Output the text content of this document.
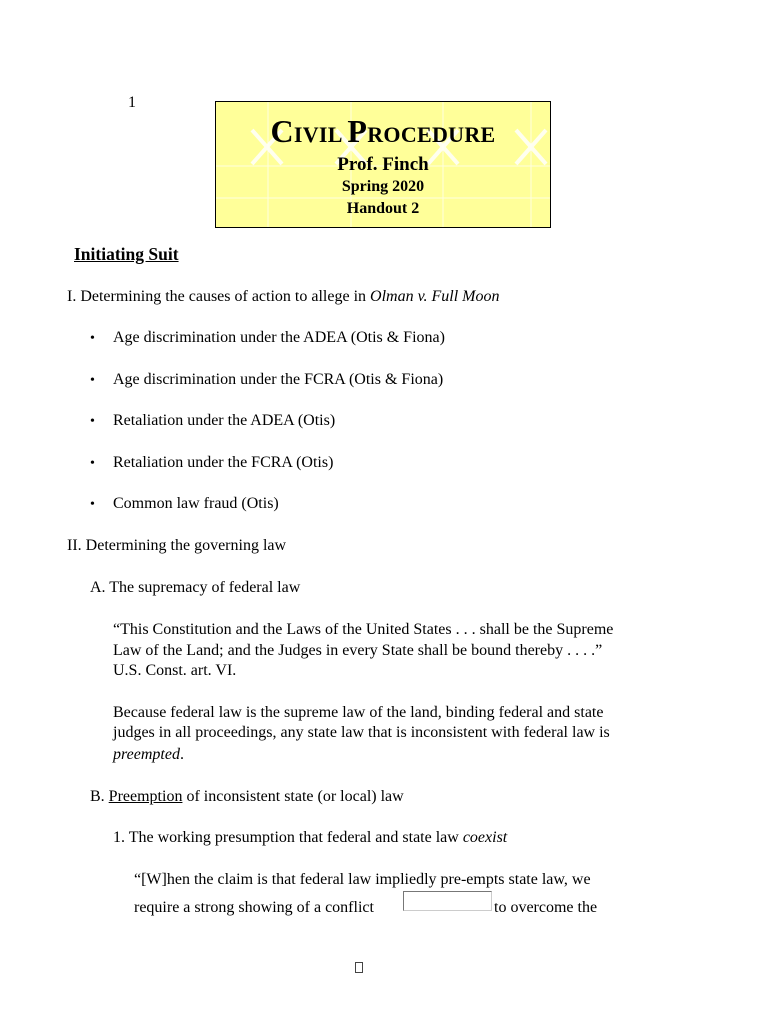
1
CIVIL PROCEDURE
Prof. Finch
Spring 2020
Handout 2
Initiating Suit
I. Determining the causes of action to allege in Olman v. Full Moon
• Age discrimination under the ADEA (Otis & Fiona)
• Age discrimination under the FCRA (Otis & Fiona)
• Retaliation under the ADEA (Otis)
• Retaliation under the FCRA (Otis)
• Common law fraud (Otis)
II. Determining the governing law
A. The supremacy of federal law
“This Constitution and the Laws of the United States . . . shall be the Supreme
Law of the Land; and the Judges in every State shall be bound thereby . . . .”
U.S. Const. art. VI.
Because federal law is the supreme law of the land, binding federal and state
judges in all proceedings, any state law that is inconsistent with federal law is
preempted.
B. Preemption of inconsistent state (or local) law
1. The working presumption that federal and state law coexist
“[W]hen the claim is that federal law impliedly pre-empts state law, we
require a strong showing of a conflict	to overcome the
